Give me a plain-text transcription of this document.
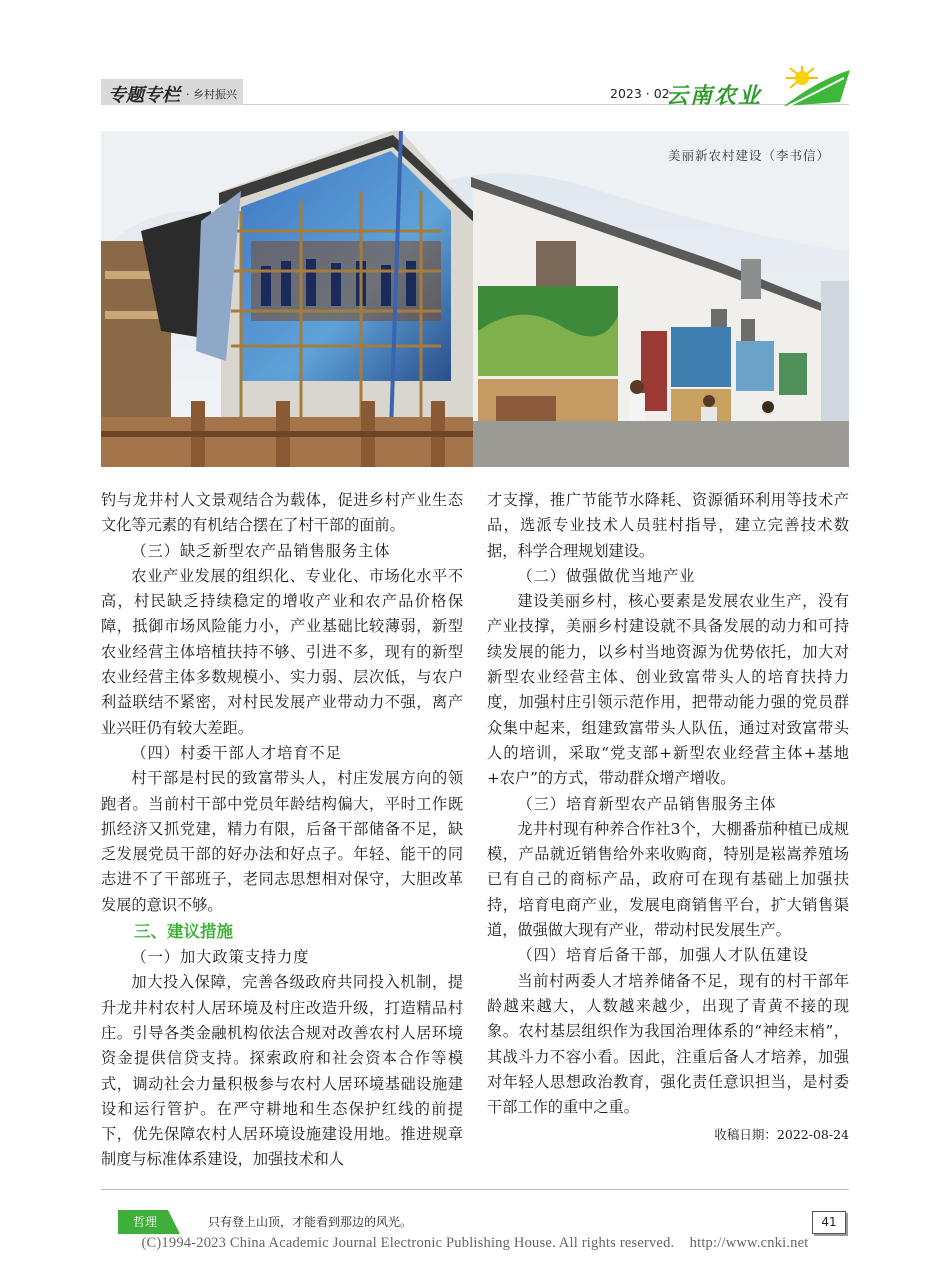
专题专栏 · 乡村振兴	2023 · 02
云南农业
美丽新农村建设（李书信）

钓与龙井村人文景观结合为载体，促进乡村产业生态文化等元素的有机结合摆在了村干部的面前。

（三）缺乏新型农产品销售服务主体

农业产业发展的组织化、专业化、市场化水平不高，村民缺乏持续稳定的增收产业和农产品价格保障，抵御市场风险能力小，产业基础比较薄弱，新型农业经营主体培植扶持不够、引进不多，现有的新型农业经营主体多数规模小、实力弱、层次低，与农户利益联结不紧密，对村民发展产业带动力不强，离产业兴旺仍有较大差距。

（四）村委干部人才培育不足

村干部是村民的致富带头人，村庄发展方向的领跑者。当前村干部中党员年龄结构偏大，平时工作既抓经济又抓党建，精力有限，后备干部储备不足，缺乏发展党员干部的好办法和好点子。年轻、能干的同志进不了干部班子，老同志思想相对保守，大胆改革发展的意识不够。

三、建议措施
（一）加大政策支持力度

加大投入保障，完善各级政府共同投入机制，提升龙井村农村人居环境及村庄改造升级，打造精品村庄。引导各类金融机构依法合规对改善农村人居环境资金提供信贷支持。探索政府和社会资本合作等模式，调动社会力量积极参与农村人居环境基础设施建设和运行管护。在严守耕地和生态保护红线的前提下，优先保障农村人居环境设施建设用地。推进规章制度与标准体系建设，加强技术和人

才支撑，推广节能节水降耗、资源循环利用等技术产品，选派专业技术人员驻村指导，建立完善技术数据，科学合理规划建设。

（二）做强做优当地产业

建设美丽乡村，核心要素是发展农业生产，没有产业技撑，美丽乡村建设就不具备发展的动力和可持续发展的能力，以乡村当地资源为优势依托，加大对新型农业经营主体、创业致富带头人的培育扶持力度，加强村庄引领示范作用，把带动能力强的党员群众集中起来，组建致富带头人队伍，通过对致富带头人的培训，采取“党支部+新型农业经营主体+基地+农户”的方式，带动群众增产增收。

（三）培育新型农产品销售服务主体

龙井村现有种养合作社3个，大棚番茄种植已成规模，产品就近销售给外来收购商，特别是崧嵩养殖场已有自己的商标产品，政府可在现有基础上加强扶持，培育电商产业，发展电商销售平台，扩大销售渠道，做强做大现有产业，带动村民发展生产。

（四）培育后备干部，加强人才队伍建设

当前村两委人才培养储备不足，现有的村干部年龄越来越大，人数越来越少，出现了青黄不接的现象。农村基层组织作为我国治理体系的“神经末梢”，其战斗力不容小看。因此，注重后备人才培养，加强对年轻人思想政治教育，强化责任意识担当，是村委干部工作的重中之重。

收稿日期：2022-08-24
哲理	只有登上山顶，才能看到那边的风光。	41
(C)1994-2023 China Academic Journal Electronic Publishing House. All rights reserved.    http://www.cnki.net
